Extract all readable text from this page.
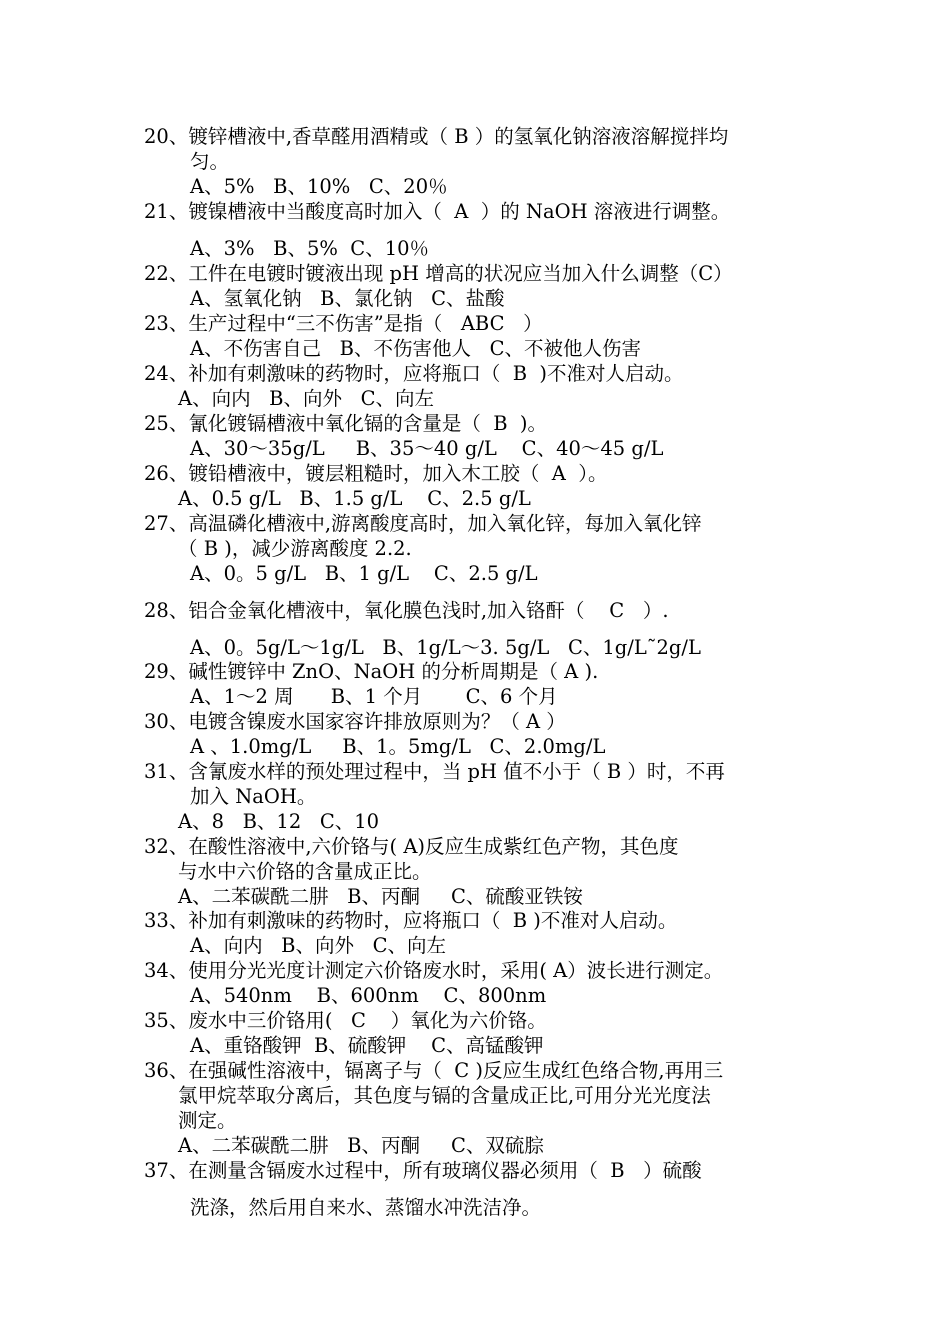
20、镀锌槽液中,香草醛用酒精或（ B ）的氢氧化钠溶液溶解搅拌均
匀。
A、5%   B、10%   C、20％
21、镀镍槽液中当酸度高时加入（  A  ）的 NaOH 溶液进行调整。
A、3%   B、5%  C、10％
22、工件在电镀时镀液出现 pH 增高的状况应当加入什么调整（C）
A、氢氧化钠   B、氯化钠   C、盐酸
23、生产过程中“三不伤害”是指（   ABC   ）
A、不伤害自己   B、不伤害他人   C、不被他人伤害
24、补加有刺激味的药物时，应将瓶口（  B  )不准对人启动。
A、向内   B、向外   C、向左
25、氰化镀镉槽液中氧化镉的含量是（  B  )。
A、30～35g/L     B、35～40 g/L    C、40～45 g/L
26、镀铅槽液中，镀层粗糙时，加入木工胶（  A  ）。
A、0.5 g/L   B、1.5 g/L    C、2.5 g/L
27、高温磷化槽液中,游离酸度高时，加入氧化锌，每加入氧化锌
（ B )，减少游离酸度 2.2.
A、0。5 g/L   B、1 g/L    C、2.5 g/L
28、铝合金氧化槽液中，氧化膜色浅时,加入铬酐（    C   ）.
A、0。5g/L～1g/L   B、1g/L～3. 5g/L   C、1g/L˜2g/L
29、碱性镀锌中 ZnO、NaOH 的分析周期是（ A ).
A、1～2 周      B、1 个月       C、6 个月
30、电镀含镍废水国家容许排放原则为？（ A ）
A 、1.0mg/L     B、1。5mg/L   C、2.0mg/L
31、含氰废水样的预处理过程中，当 pH 值不小于（ B ）时，不再
加入 NaOH。
A、8   B、12   C、10
32、在酸性溶液中,六价铬与( A)反应生成紫红色产物，其色度
与水中六价铬的含量成正比。
A、二苯碳酰二肼   B、丙酮     C、硫酸亚铁铵
33、补加有刺激味的药物时，应将瓶口（  B )不准对人启动。
A、向内   B、向外   C、向左
34、使用分光光度计测定六价铬废水时，采用( A）波长进行测定。
A、540nm    B、600nm    C、800nm
35、废水中三价铬用(   C    ）氧化为六价铬。
A、重铬酸钾  B、硫酸钾    C、高锰酸钾
36、在强碱性溶液中，镉离子与（  C )反应生成红色络合物,再用三
氯甲烷萃取分离后，其色度与镉的含量成正比,可用分光光度法
测定。
A、二苯碳酰二肼   B、丙酮     C、双硫腙
37、在测量含镉废水过程中，所有玻璃仪器必须用（  B   ）硫酸
洗涤，然后用自来水、蒸馏水冲洗洁净。
